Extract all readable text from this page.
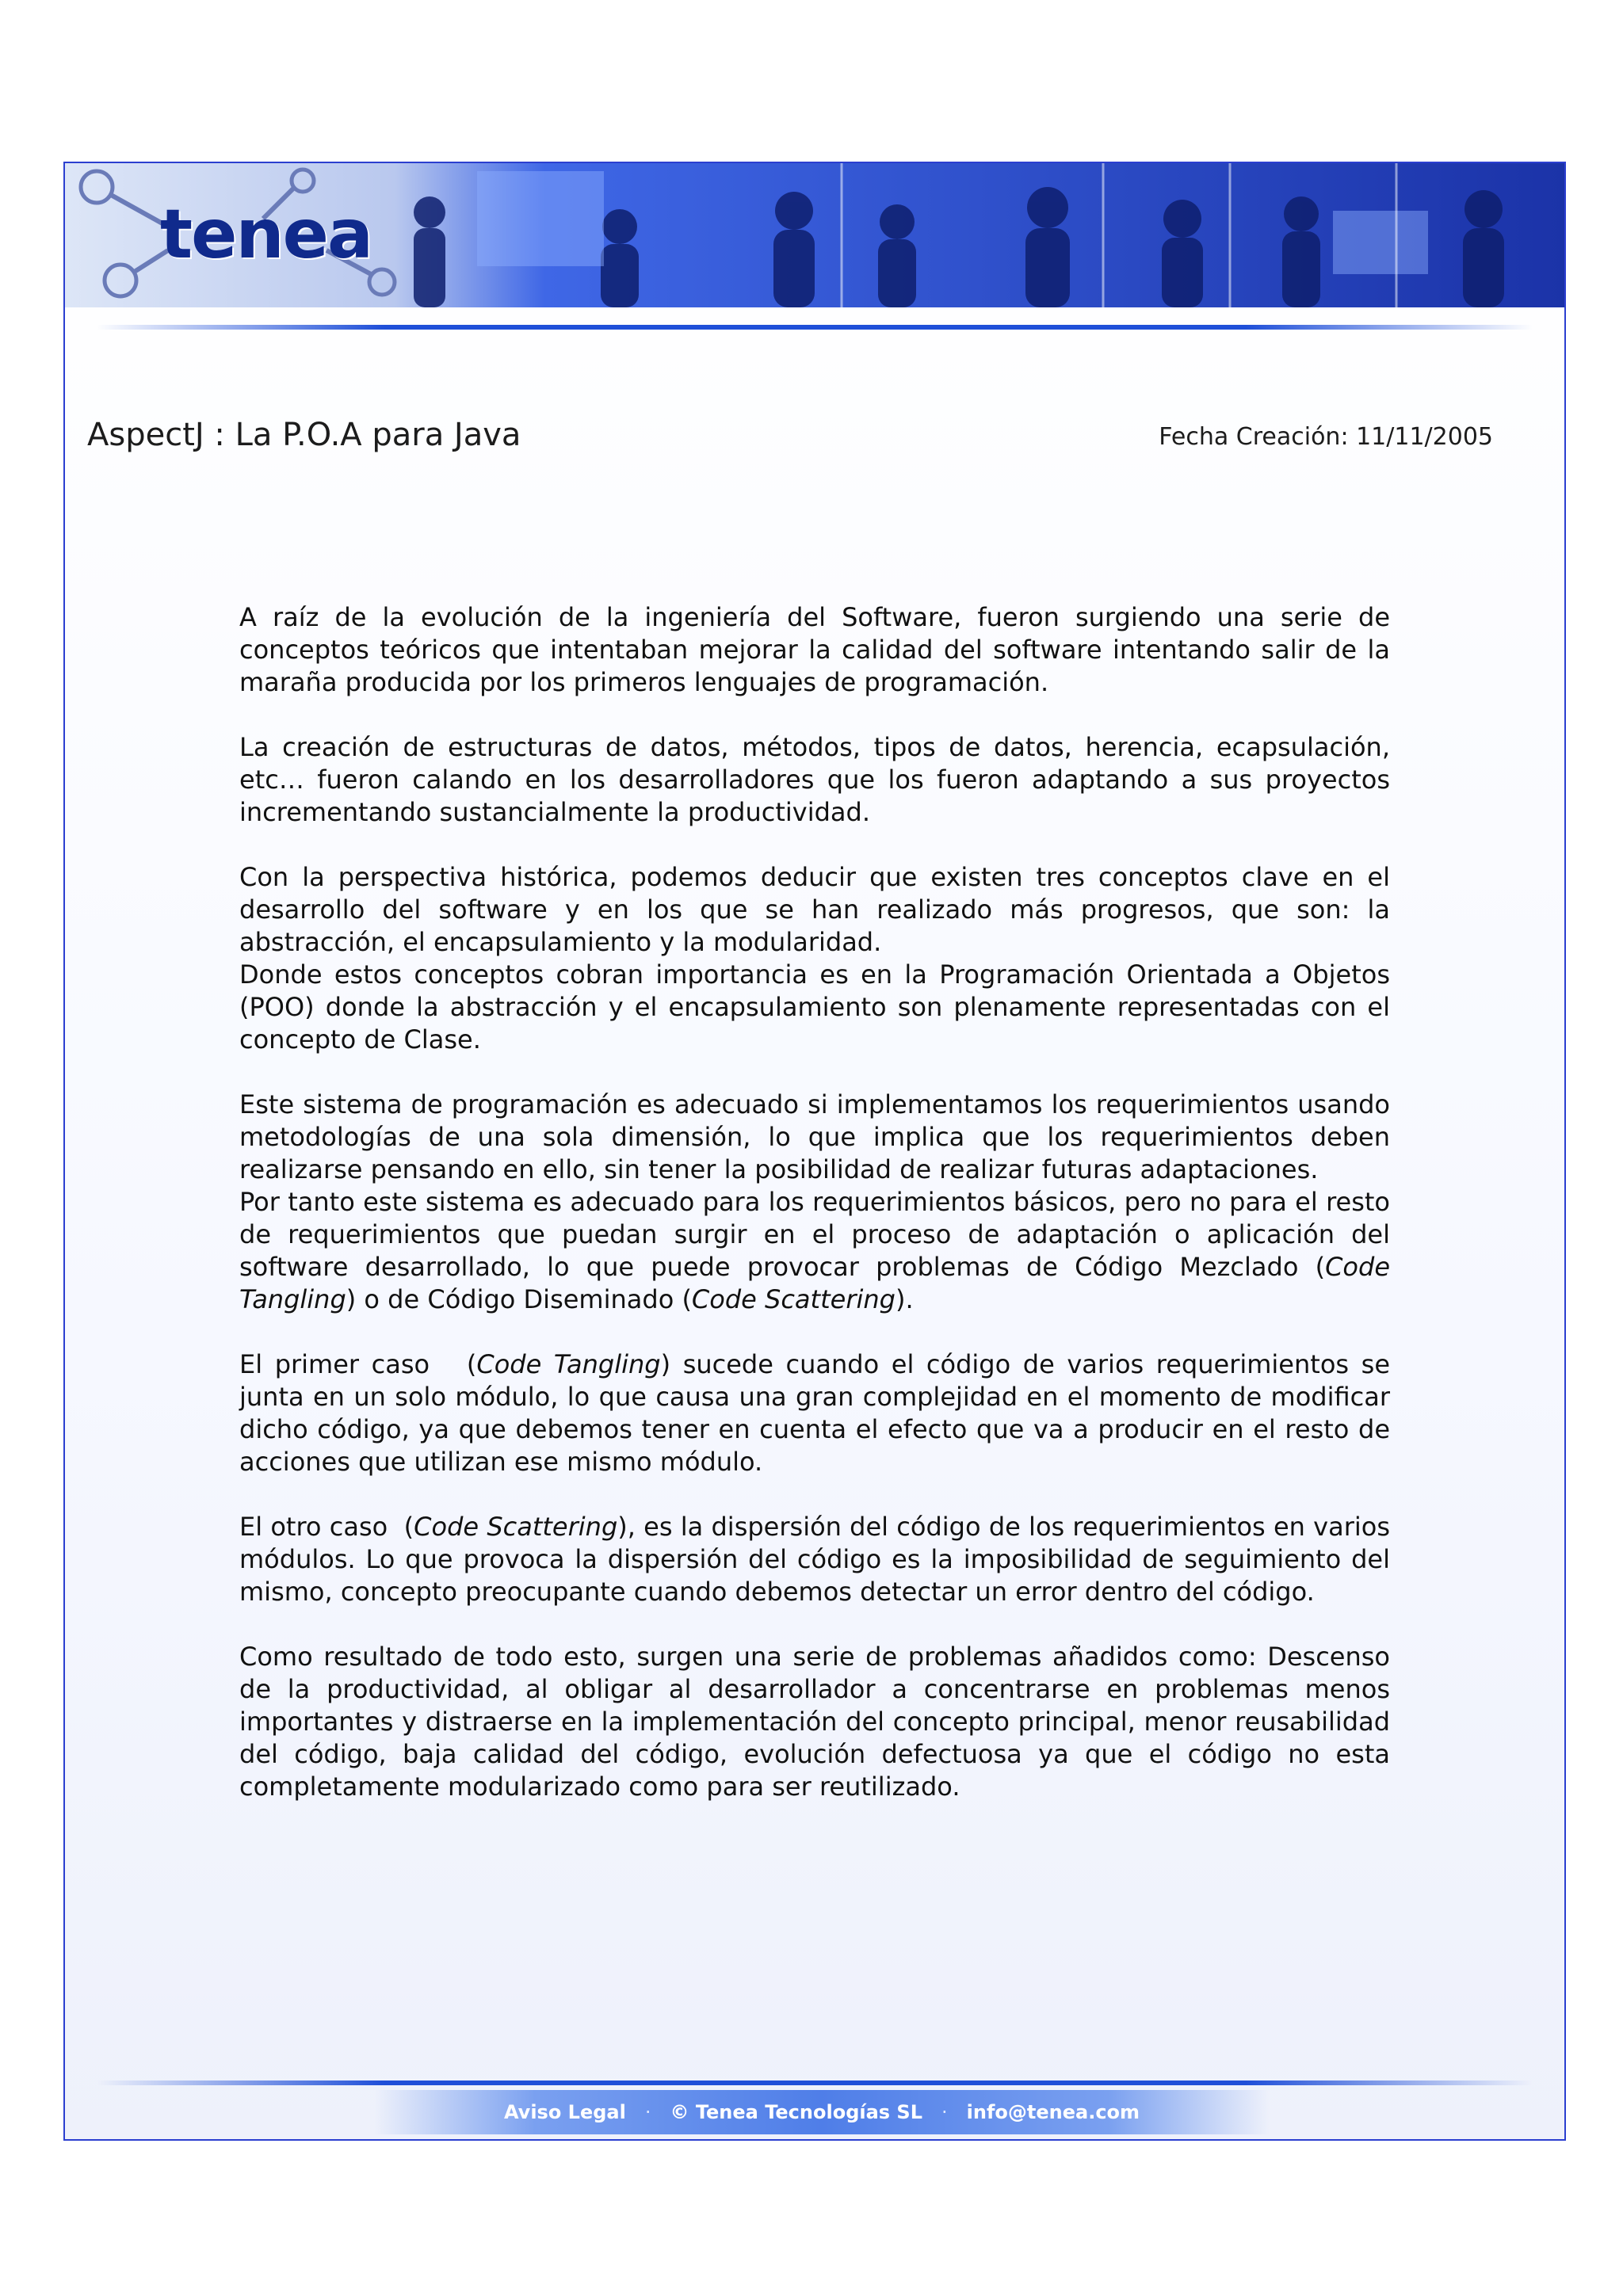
tenea
AspectJ : La P.O.A para Java	Fecha Creación: 11/11/2005

A raíz de la evolución de la ingeniería del Software, fueron surgiendo una serie de conceptos teóricos que intentaban mejorar la calidad del software intentando salir de la maraña producida por los primeros lenguajes de programación.

La creación de estructuras de datos, métodos, tipos de datos, herencia, ecapsulación, etc… fueron calando en los desarrolladores que los fueron adaptando a sus proyectos incrementando sustancialmente la productividad.

Con la perspectiva histórica, podemos deducir que existen tres conceptos clave en el desarrollo del software y en los que se han realizado más progresos, que son: la abstracción, el encapsulamiento y la modularidad.

Donde estos conceptos cobran importancia es en la Programación Orientada a Objetos (POO) donde la abstracción y el encapsulamiento son plenamente representadas con el concepto de Clase.

Este sistema de programación es adecuado si implementamos los requerimientos usando metodologías de una sola dimensión, lo que implica que los requerimientos deben realizarse pensando en ello, sin tener la posibilidad de realizar futuras adaptaciones.

Por tanto este sistema es adecuado para los requerimientos básicos, pero no para el resto de requerimientos que puedan surgir en el proceso de adaptación o aplicación del software desarrollado, lo que puede provocar problemas de Código Mezclado (Code Tangling) o de Código Diseminado (Code Scattering).

El primer caso   (Code Tangling) sucede cuando el código de varios requerimientos se junta en un solo módulo, lo que causa una gran complejidad en el momento de modificar dicho código, ya que debemos tener en cuenta el efecto que va a producir en el resto de acciones que utilizan ese mismo módulo.

El otro caso  (Code Scattering), es la dispersión del código de los requerimientos en varios módulos. Lo que provoca la dispersión del código es la imposibilidad de seguimiento del mismo, concepto preocupante cuando debemos detectar un error dentro del código.

Como resultado de todo esto, surgen una serie de problemas añadidos como: Descenso de la productividad, al obligar al desarrollador a concentrarse en problemas menos importantes y distraerse en la implementación del concepto principal, menor reusabilidad del código, baja calidad del código, evolución defectuosa ya que el código no esta completamente modularizado como para ser reutilizado.

Aviso Legal · © Tenea Tecnologías SL · info@tenea.com
